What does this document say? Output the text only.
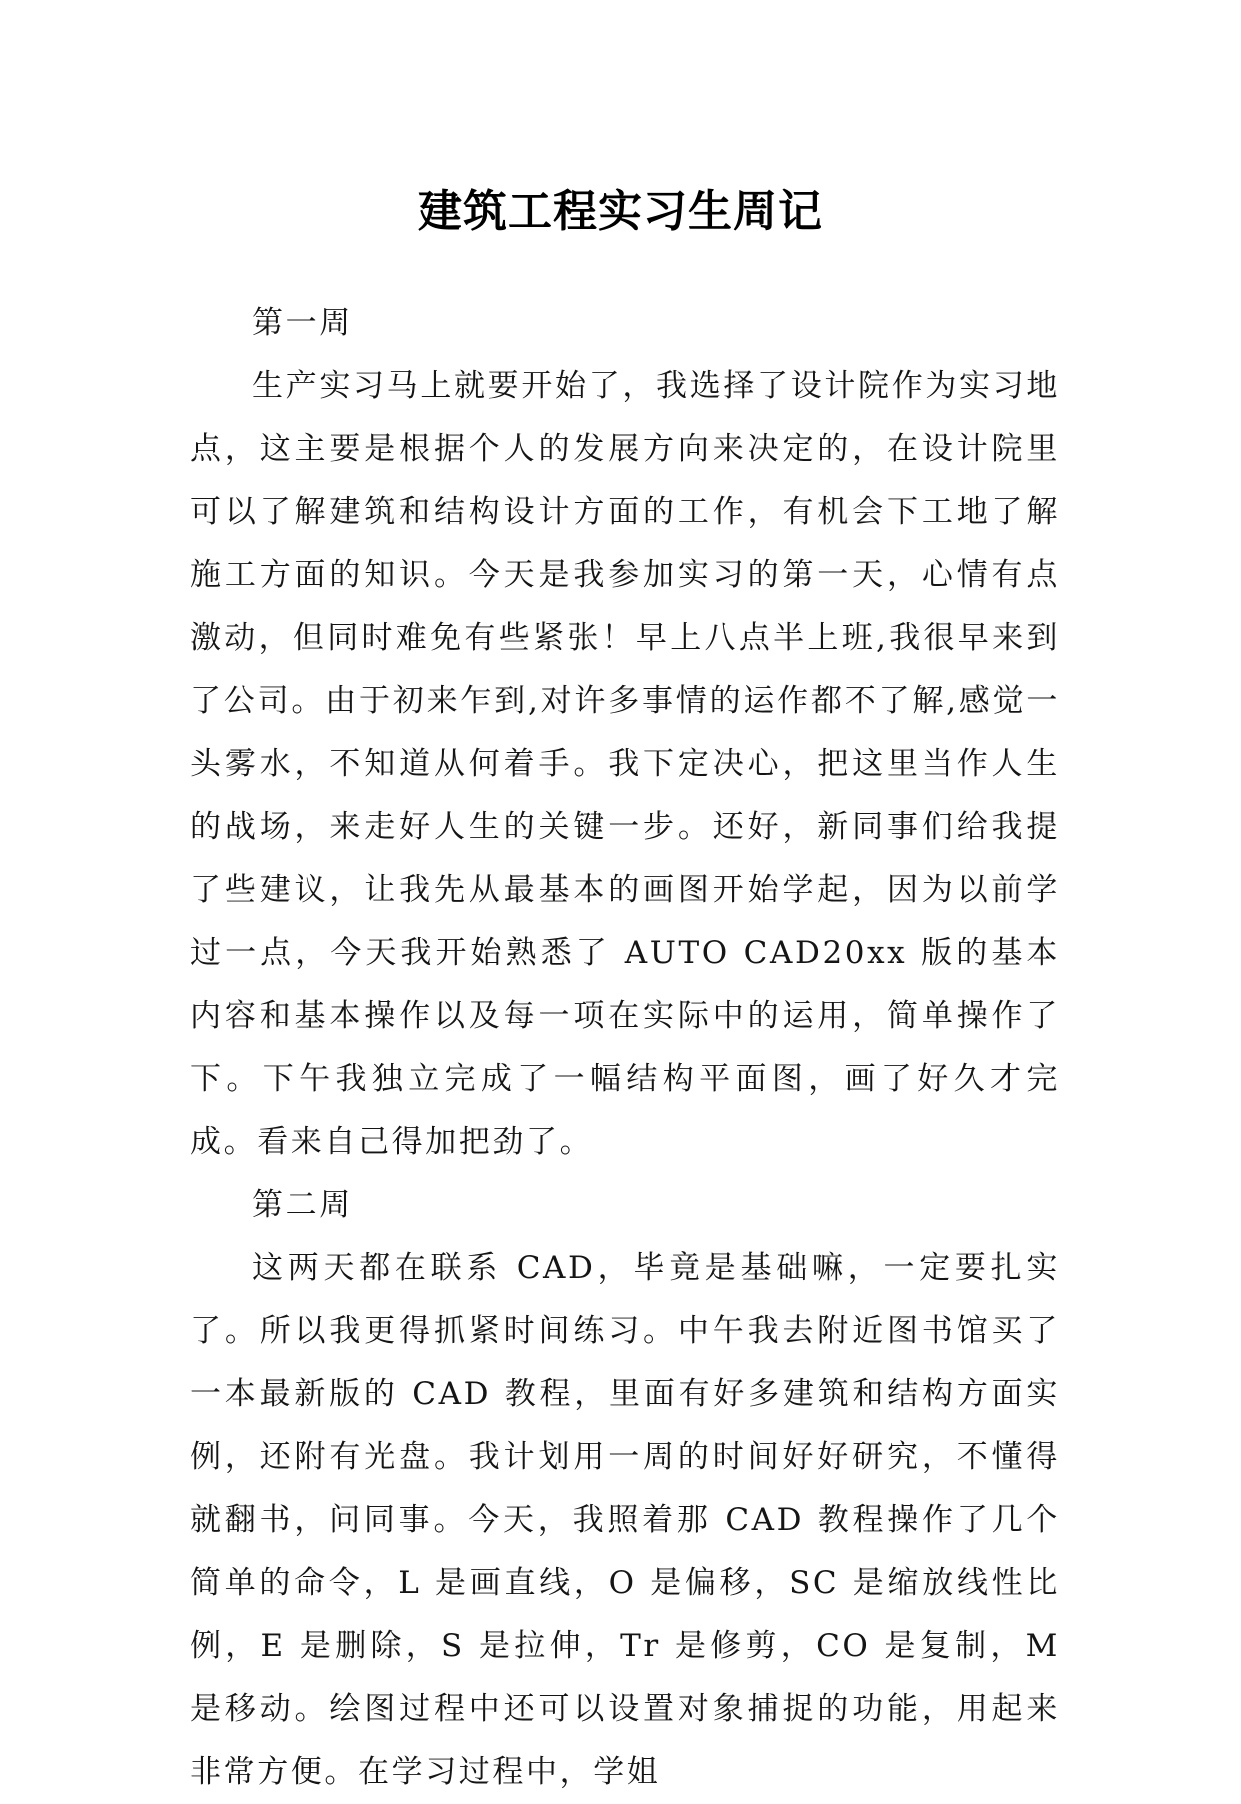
建筑工程实习生周记

第一周

生产实习马上就要开始了，我选择了设计院作为实习地点，这主要是根据个人的发展方向来决定的，在设计院里可以了解建筑和结构设计方面的工作，有机会下工地了解施工方面的知识。今天是我参加实习的第一天，心情有点激动，但同时难免有些紧张！早上八点半上班,我很早来到了公司。由于初来乍到,对许多事情的运作都不了解,感觉一头雾水，不知道从何着手。我下定决心，把这里当作人生的战场，来走好人生的关键一步。还好，新同事们给我提了些建议，让我先从最基本的画图开始学起，因为以前学过一点，今天我开始熟悉了 AUTO CAD20xx 版的基本内容和基本操作以及每一项在实际中的运用，简单操作了下。下午我独立完成了一幅结构平面图，画了好久才完成。看来自己得加把劲了。

第二周

这两天都在联系 CAD，毕竟是基础嘛，一定要扎实了。所以我更得抓紧时间练习。中午我去附近图书馆买了一本最新版的 CAD 教程，里面有好多建筑和结构方面实例，还附有光盘。我计划用一周的时间好好研究，不懂得就翻书，问同事。今天，我照着那 CAD 教程操作了几个简单的命令，L 是画直线，O 是偏移，SC 是缩放线性比例，E 是删除，S 是拉伸，Tr 是修剪，CO 是复制，M 是移动。绘图过程中还可以设置对象捕捉的功能，用起来非常方便。在学习过程中，学姐
